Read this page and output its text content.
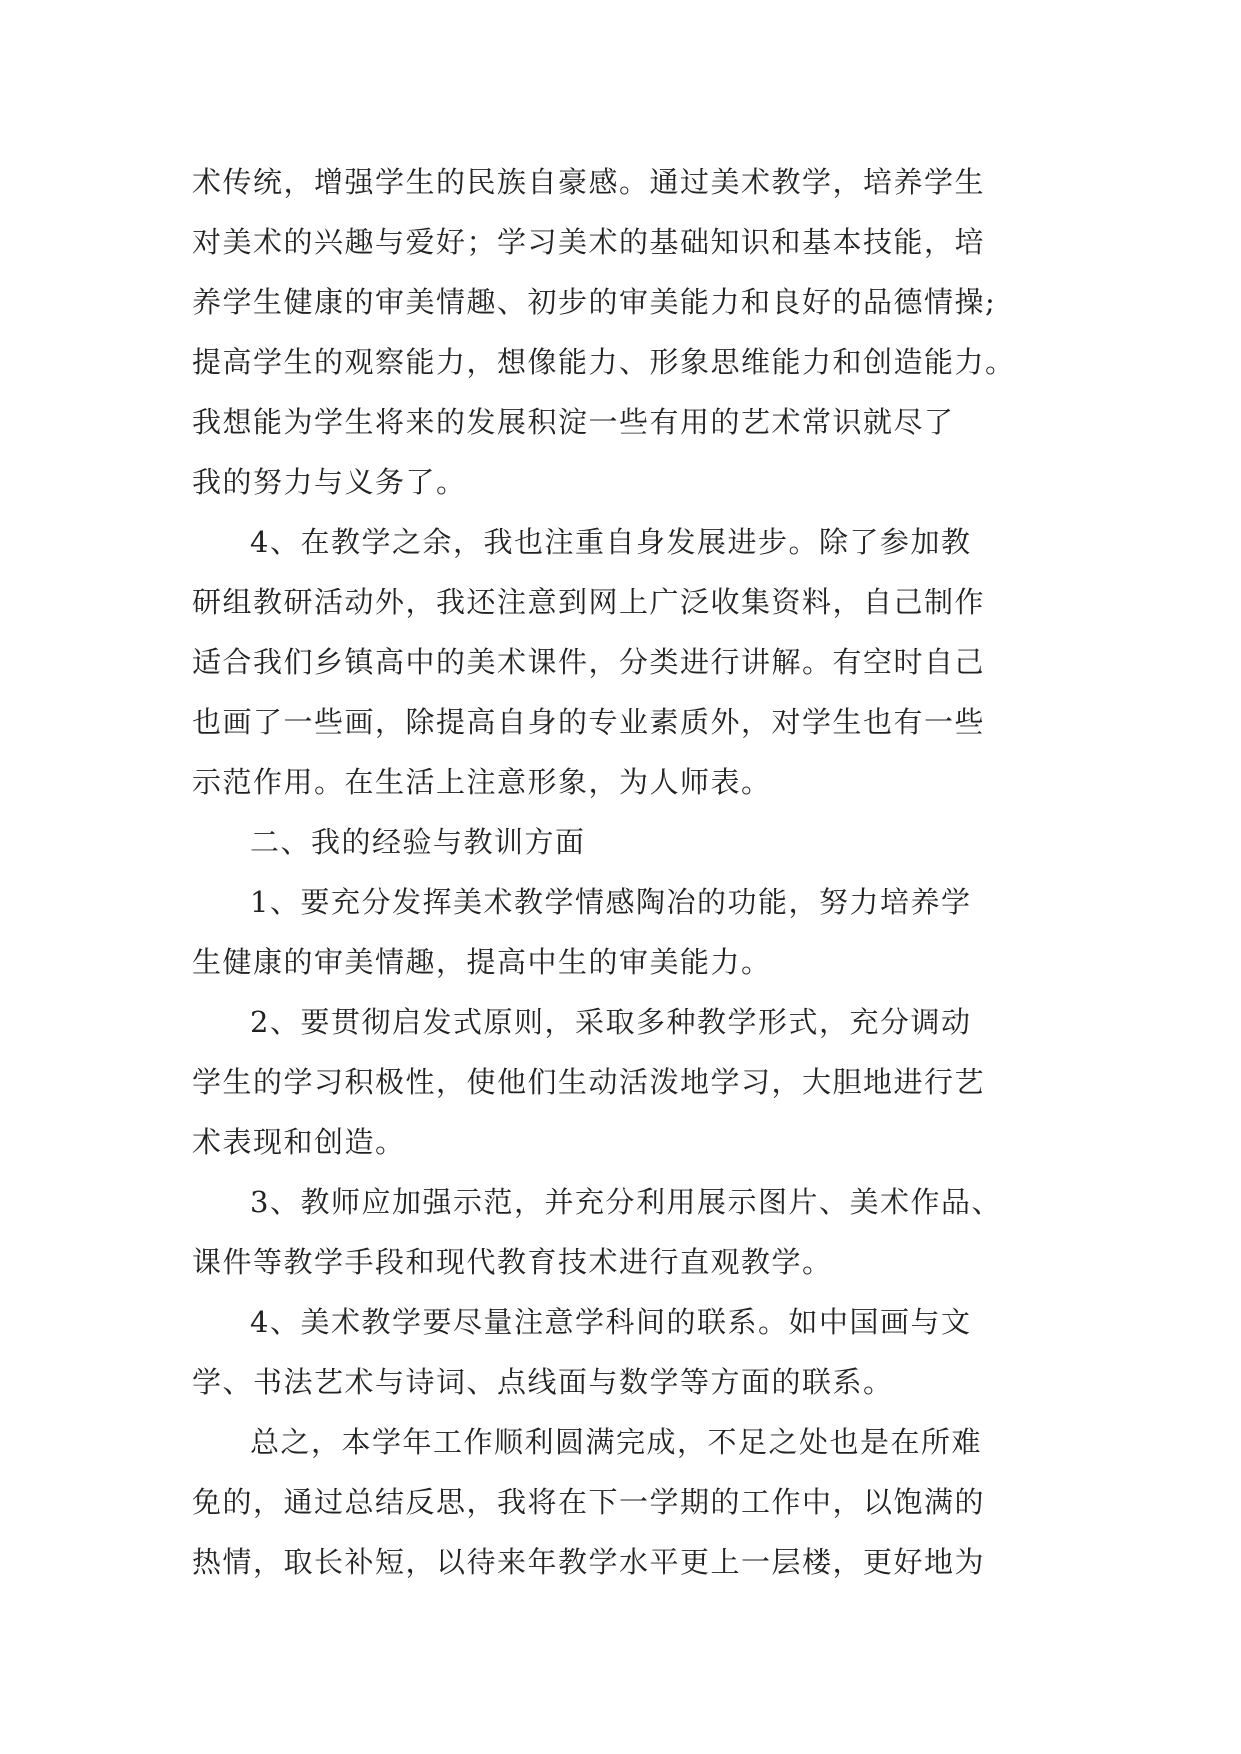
术传统，增强学生的民族自豪感。通过美术教学，培养学生
对美术的兴趣与爱好；学习美术的基础知识和基本技能，培
养学生健康的审美情趣、初步的审美能力和良好的品德情操;
提高学生的观察能力，想像能力、形象思维能力和创造能力。
我想能为学生将来的发展积淀一些有用的艺术常识就尽了
我的努力与义务了。
4、在教学之余，我也注重自身发展进步。除了参加教
研组教研活动外，我还注意到网上广泛收集资料，自己制作
适合我们乡镇高中的美术课件，分类进行讲解。有空时自己
也画了一些画，除提高自身的专业素质外，对学生也有一些
示范作用。在生活上注意形象，为人师表。
二、我的经验与教训方面
1、要充分发挥美术教学情感陶冶的功能，努力培养学
生健康的审美情趣，提高中生的审美能力。
2、要贯彻启发式原则，采取多种教学形式，充分调动
学生的学习积极性，使他们生动活泼地学习，大胆地进行艺
术表现和创造。
3、教师应加强示范，并充分利用展示图片、美术作品、
课件等教学手段和现代教育技术进行直观教学。
4、美术教学要尽量注意学科间的联系。如中国画与文
学、书法艺术与诗词、点线面与数学等方面的联系。
总之，本学年工作顺利圆满完成，不足之处也是在所难
免的，通过总结反思，我将在下一学期的工作中，以饱满的
热情，取长补短，以待来年教学水平更上一层楼，更好地为
